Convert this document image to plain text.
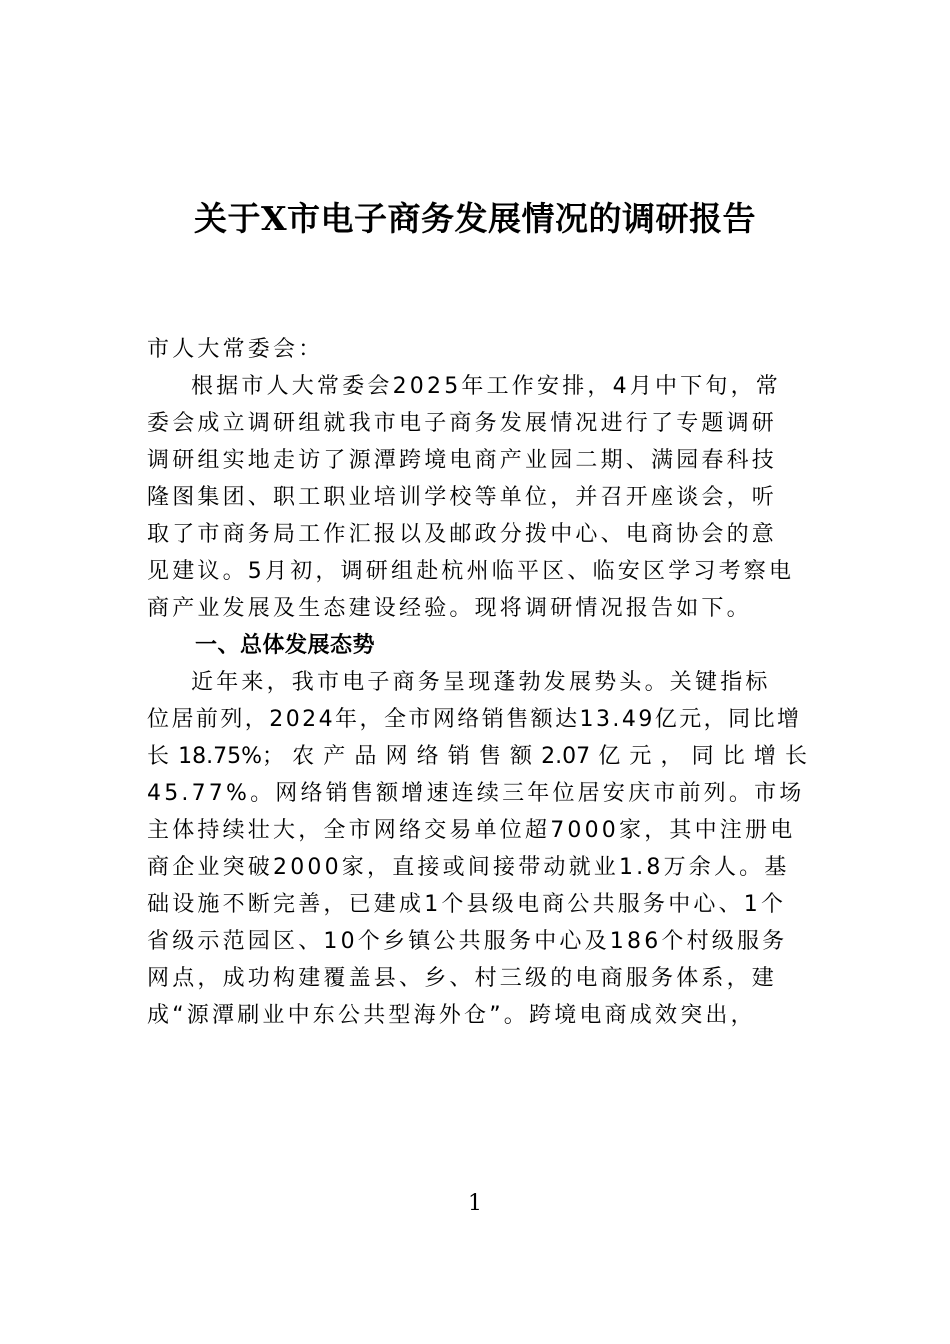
关于X市电子商务发展情况的调研报告
市人大常委会：
根据市人大常委会2025年工作安排，4月中下旬，常
委会成立调研组就我市电子商务发展情况进行了专题调研
调研组实地走访了源潭跨境电商产业园二期、满园春科技
隆图集团、职工职业培训学校等单位，并召开座谈会，听
取了市商务局工作汇报以及邮政分拨中心、电商协会的意
见建议。5月初，调研组赴杭州临平区、临安区学习考察电
商产业发展及生态建设经验。现将调研情况报告如下。
一、总体发展态势
近年来，我市电子商务呈现蓬勃发展势头。关键指标
位居前列，2024年，全市网络销售额达13.49亿元，同比增
长 18.75%； 农 产 品 网 络 销 售 额 2.07 亿 元 ， 同 比 增 长
45.77%。网络销售额增速连续三年位居安庆市前列。市场
主体持续壮大，全市网络交易单位超7000家，其中注册电
商企业突破2000家，直接或间接带动就业1.8万余人。基
础设施不断完善，已建成1个县级电商公共服务中心、1个
省级示范园区、10个乡镇公共服务中心及186个村级服务
网点，成功构建覆盖县、乡、村三级的电商服务体系，建
成“源潭刷业中东公共型海外仓”。跨境电商成效突出，
1
